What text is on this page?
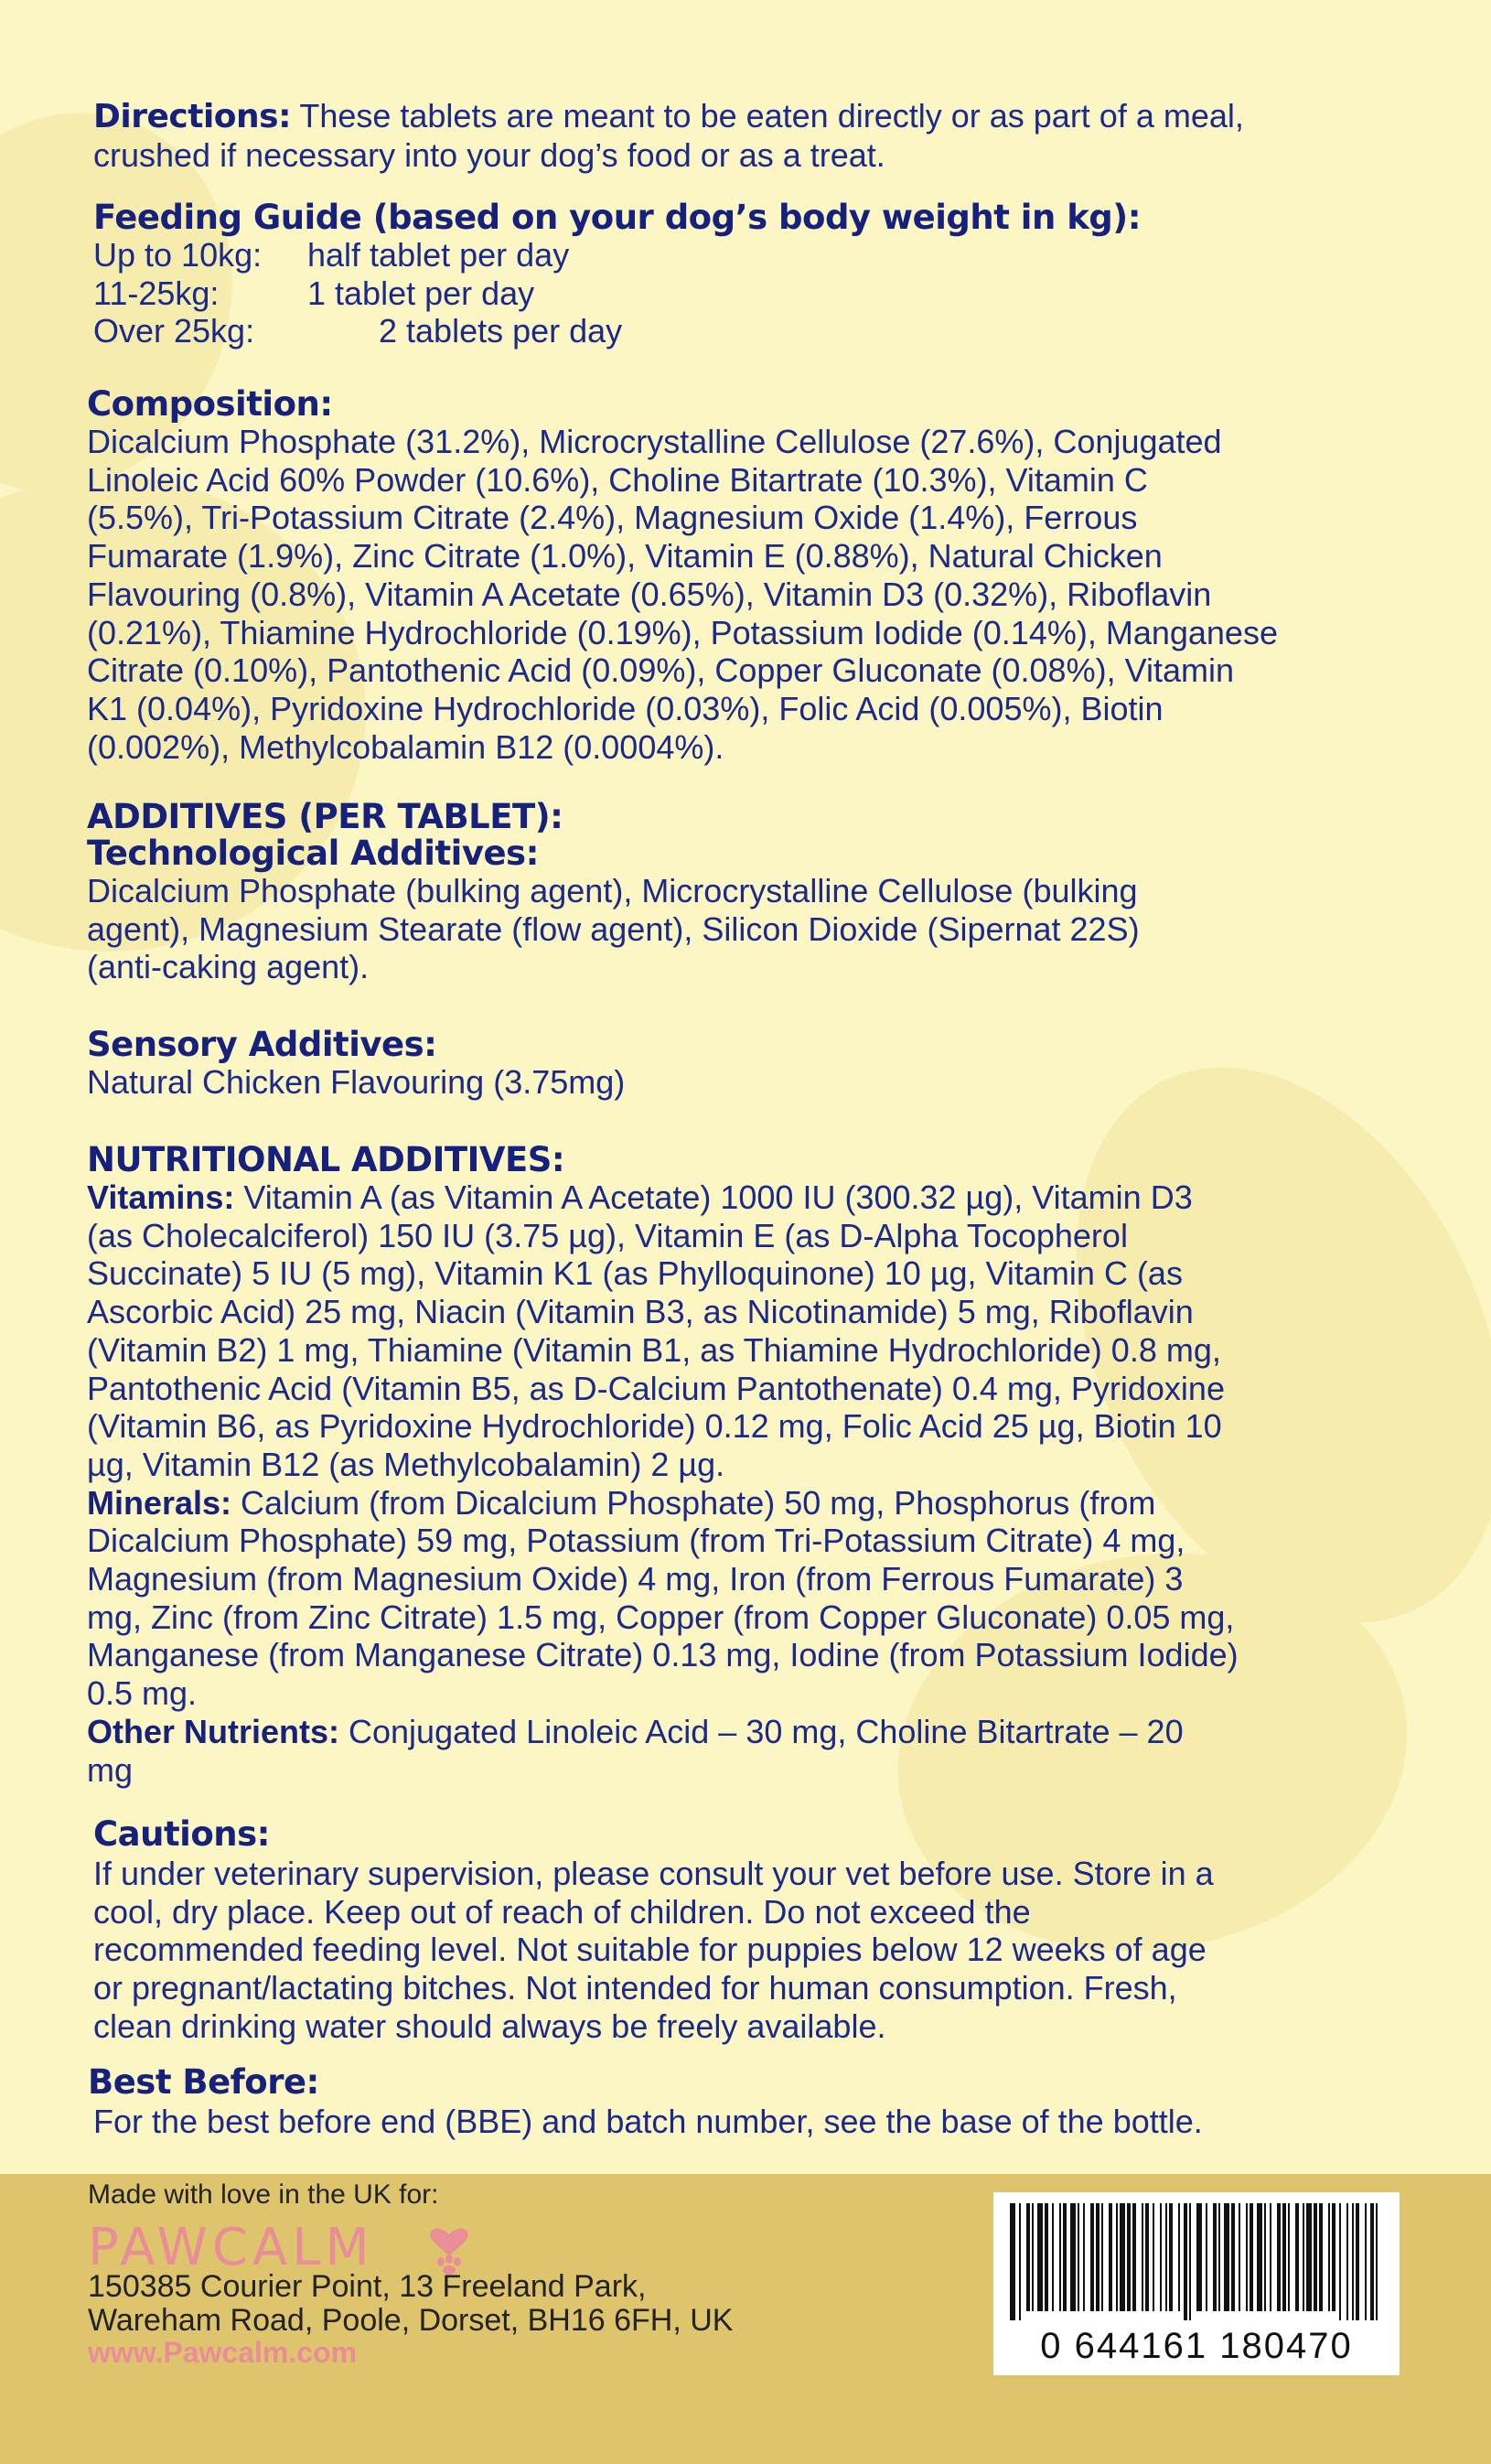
Directions: These tablets are meant to be eaten directly or as part of a meal,
crushed if necessary into your dog’s food or as a treat.
Feeding Guide (based on your dog’s body weight in kg):
Up to 10kg:	half tablet per day
11-25kg:	1 tablet per day
Over 25kg:	2 tablets per day
Composition:
Dicalcium Phosphate (31.2%), Microcrystalline Cellulose (27.6%), Conjugated
Linoleic Acid 60% Powder (10.6%), Choline Bitartrate (10.3%), Vitamin C
(5.5%), Tri-Potassium Citrate (2.4%), Magnesium Oxide (1.4%), Ferrous
Fumarate (1.9%), Zinc Citrate (1.0%), Vitamin E (0.88%), Natural Chicken
Flavouring (0.8%), Vitamin A Acetate (0.65%), Vitamin D3 (0.32%), Riboflavin
(0.21%), Thiamine Hydrochloride (0.19%), Potassium Iodide (0.14%), Manganese
Citrate (0.10%), Pantothenic Acid (0.09%), Copper Gluconate (0.08%), Vitamin
K1 (0.04%), Pyridoxine Hydrochloride (0.03%), Folic Acid (0.005%), Biotin
(0.002%), Methylcobalamin B12 (0.0004%).
ADDITIVES (PER TABLET):
Technological Additives:
Dicalcium Phosphate (bulking agent), Microcrystalline Cellulose (bulking
agent), Magnesium Stearate (flow agent), Silicon Dioxide (Sipernat 22S)
(anti-caking agent).
Sensory Additives:
Natural Chicken Flavouring (3.75mg)
NUTRITIONAL ADDITIVES:
Vitamins: Vitamin A (as Vitamin A Acetate) 1000 IU (300.32 µg), Vitamin D3
(as Cholecalciferol) 150 IU (3.75 µg), Vitamin E (as D-Alpha Tocopherol
Succinate) 5 IU (5 mg), Vitamin K1 (as Phylloquinone) 10 µg, Vitamin C (as
Ascorbic Acid) 25 mg, Niacin (Vitamin B3, as Nicotinamide) 5 mg, Riboflavin
(Vitamin B2) 1 mg, Thiamine (Vitamin B1, as Thiamine Hydrochloride) 0.8 mg,
Pantothenic Acid (Vitamin B5, as D-Calcium Pantothenate) 0.4 mg, Pyridoxine
(Vitamin B6, as Pyridoxine Hydrochloride) 0.12 mg, Folic Acid 25 µg, Biotin 10
µg, Vitamin B12 (as Methylcobalamin) 2 µg.
Minerals: Calcium (from Dicalcium Phosphate) 50 mg, Phosphorus (from
Dicalcium Phosphate) 59 mg, Potassium (from Tri-Potassium Citrate) 4 mg,
Magnesium (from Magnesium Oxide) 4 mg, Iron (from Ferrous Fumarate) 3
mg, Zinc (from Zinc Citrate) 1.5 mg, Copper (from Copper Gluconate) 0.05 mg,
Manganese (from Manganese Citrate) 0.13 mg, Iodine (from Potassium Iodide)
0.5 mg.
Other Nutrients: Conjugated Linoleic Acid – 30 mg, Choline Bitartrate – 20
mg
Cautions:
If under veterinary supervision, please consult your vet before use. Store in a
cool, dry place. Keep out of reach of children. Do not exceed the
recommended feeding level. Not suitable for puppies below 12 weeks of age
or pregnant/lactating bitches. Not intended for human consumption. Fresh,
clean drinking water should always be freely available.
Best Before:
For the best before end (BBE) and batch number, see the base of the bottle.
Made with love in the UK for:
PAWCALM
150385 Courier Point, 13 Freeland Park,
Wareham Road, Poole, Dorset, BH16 6FH, UK
www.Pawcalm.com	0 644161 180470
